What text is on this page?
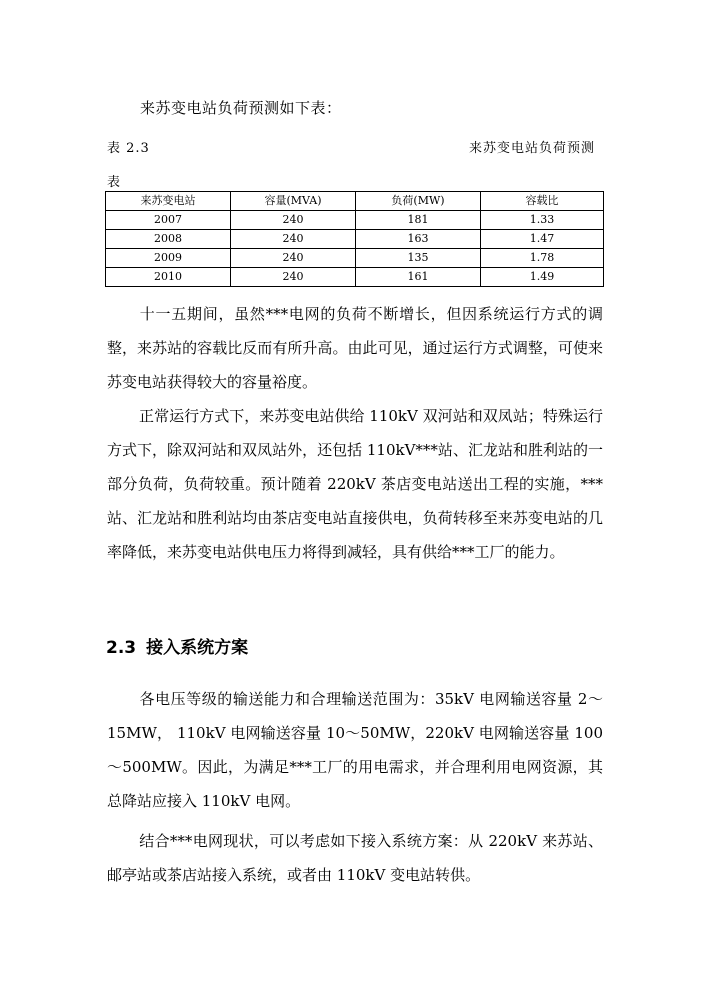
来苏变电站负荷预测如下表：
表 2.3	来苏变电站负荷预测
表
来苏变电站	容量(MVA)	负荷(MW)	容载比
2007	240	181	1.33
2008	240	163	1.47
2009	240	135	1.78
2010	240	161	1.49

十一五期间，虽然***电网的负荷不断增长，但因系统运行方式的调整，来苏站的容载比反而有所升高。由此可见，通过运行方式调整，可使来苏变电站获得较大的容量裕度。

正常运行方式下，来苏变电站供给 110kV 双河站和双凤站；特殊运行方式下，除双河站和双凤站外，还包括 110kV***站、汇龙站和胜利站的一部分负荷，负荷较重。预计随着 220kV 茶店变电站送出工程的实施，***站、汇龙站和胜利站均由茶店变电站直接供电，负荷转移至来苏变电站的几率降低，来苏变电站供电压力将得到减轻，具有供给***工厂的能力。

2.3 接入系统方案

各电压等级的输送能力和合理输送范围为：35kV 电网输送容量 2～15MW， 110kV 电网输送容量 10～50MW，220kV 电网输送容量 100～500MW。因此，为满足***工厂的用电需求，并合理利用电网资源，其总降站应接入 110kV 电网。

结合***电网现状，可以考虑如下接入系统方案：从 220kV 来苏站、邮亭站或茶店站接入系统，或者由 110kV 变电站转供。
